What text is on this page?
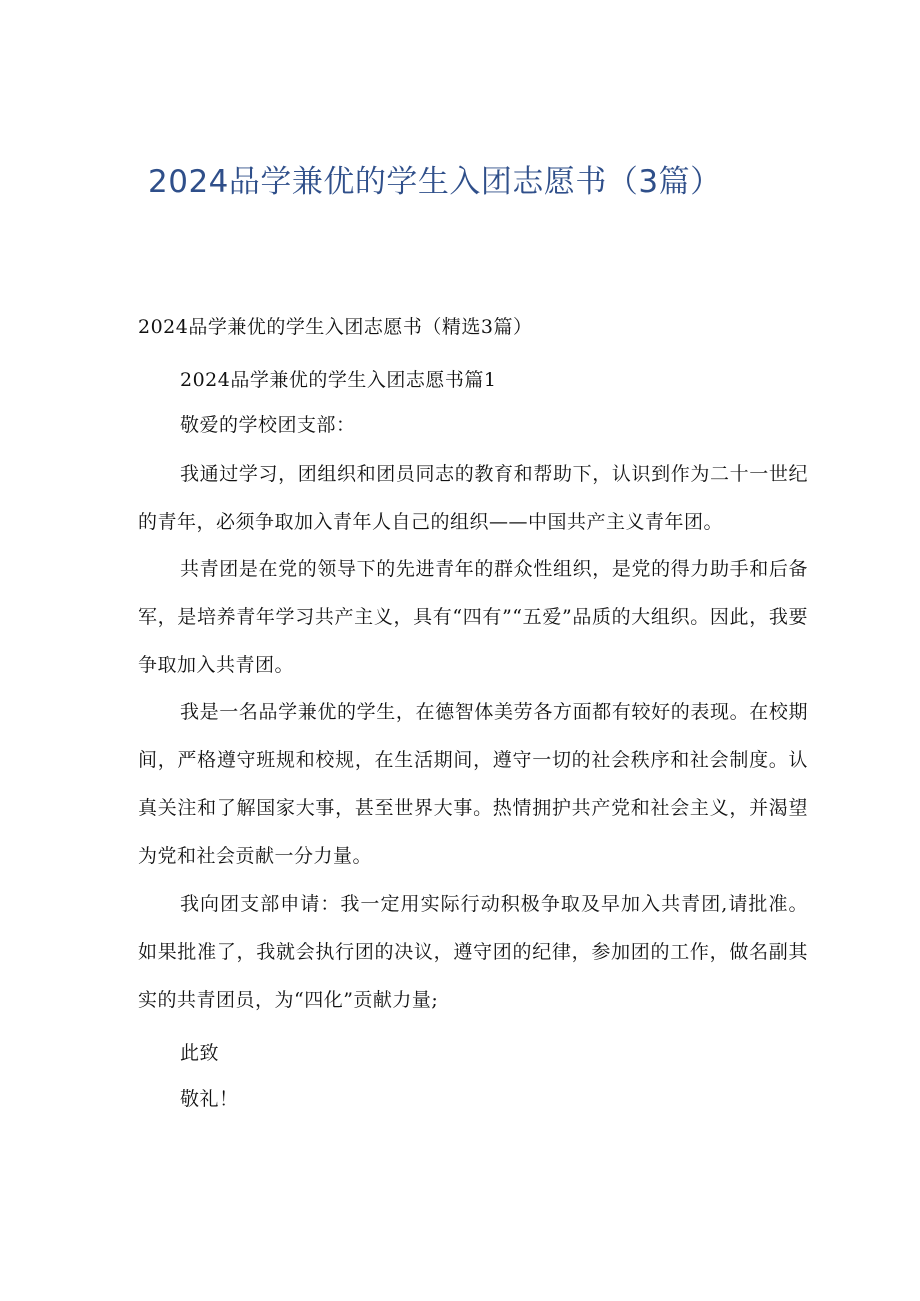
2024品学兼优的学生入团志愿书（3篇）
2024品学兼优的学生入团志愿书（精选3篇）
2024品学兼优的学生入团志愿书篇1
敬爱的学校团支部：

我通过学习，团组织和团员同志的教育和帮助下，认识到作为二十一世纪的青年，必须争取加入青年人自己的组织——中国共产主义青年团。

共青团是在党的领导下的先进青年的群众性组织，是党的得力助手和后备军，是培养青年学习共产主义，具有“四有”“五爱”品质的大组织。因此，我要争取加入共青团。

我是一名品学兼优的学生，在德智体美劳各方面都有较好的表现。在校期间，严格遵守班规和校规，在生活期间，遵守一切的社会秩序和社会制度。认真关注和了解国家大事，甚至世界大事。热情拥护共产党和社会主义，并渴望为党和社会贡献一分力量。

我向团支部申请：我一定用实际行动积极争取及早加入共青团,请批准。如果批准了，我就会执行团的决议，遵守团的纪律，参加团的工作，做名副其实的共青团员，为“四化”贡献力量;

此致
敬礼！
